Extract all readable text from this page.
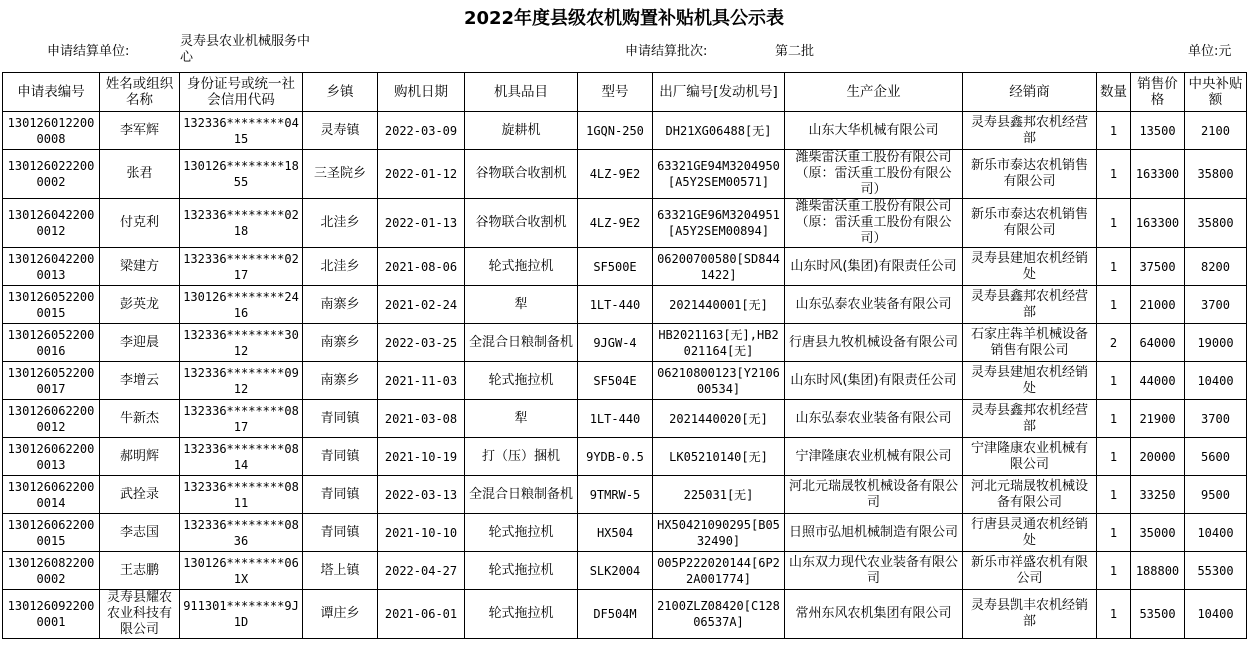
2022年度县级农机购置补贴机具公示表
申请结算单位:
灵寿县农业机械服务中心	申请结算批次:	第二批	单位:元
申请表编号	姓名或组织名称	身份证号或统一社会信用代码	乡镇	购机日期	机具品目	型号	出厂编号[发动机号]	生产企业	经销商	数量	销售价格	中央补贴额
1301260122000008	李军辉	132336********0415	灵寿镇	2022-03-09	旋耕机	1GQN-250	DH21XG06488[无]	山东大华机械有限公司	灵寿县鑫邦农机经营部	1	13500	2100
1301260222000002	张君	130126********1855	三圣院乡	2022-01-12	谷物联合收割机	4LZ-9E2	63321GE94M3204950[A5Y2SEM00571]	潍柴雷沃重工股份有限公司（原：雷沃重工股份有限公司）	新乐市泰达农机销售有限公司	1	163300	35800
1301260422000012	付克利	132336********0218	北洼乡	2022-01-13	谷物联合收割机	4LZ-9E2	63321GE96M3204951[A5Y2SEM00894]	潍柴雷沃重工股份有限公司（原：雷沃重工股份有限公司）	新乐市泰达农机销售有限公司	1	163300	35800
1301260422000013	梁建方	132336********0217	北洼乡	2021-08-06	轮式拖拉机	SF500E	06200700580[SD8441422]	山东时风(集团)有限责任公司	灵寿县建旭农机经销处	1	37500	8200
1301260522000015	彭英龙	130126********2416	南寨乡	2021-02-24	犁	1LT-440	2021440001[无]	山东弘泰农业装备有限公司	灵寿县鑫邦农机经营部	1	21000	3700
1301260522000016	李迎晨	132336********3012	南寨乡	2022-03-25	全混合日粮制备机	9JGW-4	HB2021163[无],HB2021164[无]	行唐县九牧机械设备有限公司	石家庄犇羊机械设备销售有限公司	2	64000	19000
1301260522000017	李增云	132336********0912	南寨乡	2021-11-03	轮式拖拉机	SF504E	06210800123[Y210600534]	山东时风(集团)有限责任公司	灵寿县建旭农机经销处	1	44000	10400
1301260622000012	牛新杰	132336********0817	青同镇	2021-03-08	犁	1LT-440	2021440020[无]	山东弘泰农业装备有限公司	灵寿县鑫邦农机经营部	1	21900	3700
1301260622000013	郝明辉	132336********0814	青同镇	2021-10-19	打（压）捆机	9YDB-0.5	LK05210140[无]	宁津隆康农业机械有限公司	宁津隆康农业机械有限公司	1	20000	5600
1301260622000014	武拴录	132336********0811	青同镇	2022-03-13	全混合日粮制备机	9TMRW-5	225031[无]	河北元瑞晟牧机械设备有限公司	河北元瑞晟牧机械设备有限公司	1	33250	9500
1301260622000015	李志国	132336********0836	青同镇	2021-10-10	轮式拖拉机	HX504	HX50421090295[B0532490]	日照市弘旭机械制造有限公司	行唐县灵通农机经销处	1	35000	10400
1301260822000002	王志鹏	130126********061X	塔上镇	2022-04-27	轮式拖拉机	SLK2004	005P222020144[6P22A001774]	山东双力现代农业装备有限公司	新乐市祥盛农机有限公司	1	188800	55300
1301260922000001	灵寿县耀农农业科技有限公司	911301********9J1D	谭庄乡	2021-06-01	轮式拖拉机	DF504M	2100ZLZ08420[C12806537A]	常州东风农机集团有限公司	灵寿县凯丰农机经销部	1	53500	10400
